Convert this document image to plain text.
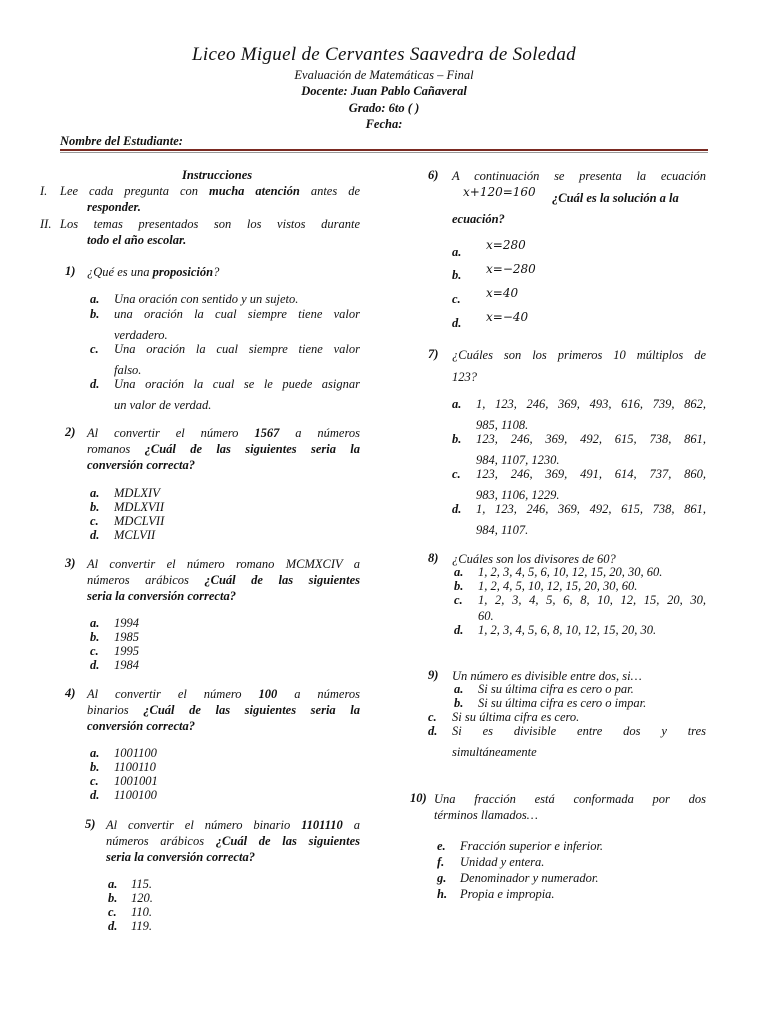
Liceo Miguel de Cervantes Saavedra de Soledad
Evaluación de Matemáticas – Final
Docente: Juan Pablo Cañaveral
Grado: 6to ( )
Fecha:
Nombre del Estudiante:
Instrucciones
I. Lee cada pregunta con mucha atención antes de
responder.
II. Los temas presentados son los vistos durante
todo el año escolar.
1) ¿Qué es una proposición?
a. Una oración con sentido y un sujeto.
b. una oración la cual siempre tiene valor
verdadero.
c. Una oración la cual siempre tiene valor
falso.
d. Una oración la cual se le puede asignar
un valor de verdad.
2) Al convertir el número 1567 a números
romanos ¿Cuál de las siguientes seria la
conversión correcta?
a. MDLXIV
b. MDLXVII
c. MDCLVII
d. MCLVII
3) Al convertir el número romano MCMXCIV a
números arábicos ¿Cuál de las siguientes
seria la conversión correcta?
a. 1994
b. 1985
c. 1995
d. 1984
4) Al convertir el número 100 a números
binarios ¿Cuál de las siguientes seria la
conversión correcta?
a. 1001100
b. 1100110
c. 1001001
d. 1100100
5) Al convertir el número binario 1101110 a
números arábicos ¿Cuál de las siguientes
seria la conversión correcta?
a. 115.
b. 120.
c. 110.
d. 119.
6) A continuación se presenta la ecuación
x+120=160 ¿Cuál es la solución a la
ecuación?
a. x=280
b. x=−280
c. x=40
d. x=−40
7) ¿Cuáles son los primeros 10 múltiplos de
123?
a. 1, 123, 246, 369, 493, 616, 739, 862,
985, 1108.
b. 123, 246, 369, 492, 615, 738, 861,
984, 1107, 1230.
c. 123, 246, 369, 491, 614, 737, 860,
983, 1106, 1229.
d. 1, 123, 246, 369, 492, 615, 738, 861,
984, 1107.
8) ¿Cuáles son los divisores de 60?
a. 1, 2, 3, 4, 5, 6, 10, 12, 15, 20, 30, 60.
b. 1, 2, 4, 5, 10, 12, 15, 20, 30, 60.
c. 1, 2, 3, 4, 5, 6, 8, 10, 12, 15, 20, 30,
60.
d. 1, 2, 3, 4, 5, 6, 8, 10, 12, 15, 20, 30.
9) Un número es divisible entre dos, si…
a. Si su última cifra es cero o par.
b. Si su última cifra es cero o impar.
c. Si su última cifra es cero.
d. Si es divisible entre dos y tres
simultáneamente
10) Una fracción está conformada por dos
términos llamados…
e. Fracción superior e inferior.
f. Unidad y entera.
g. Denominador y numerador.
h. Propia e impropia.
